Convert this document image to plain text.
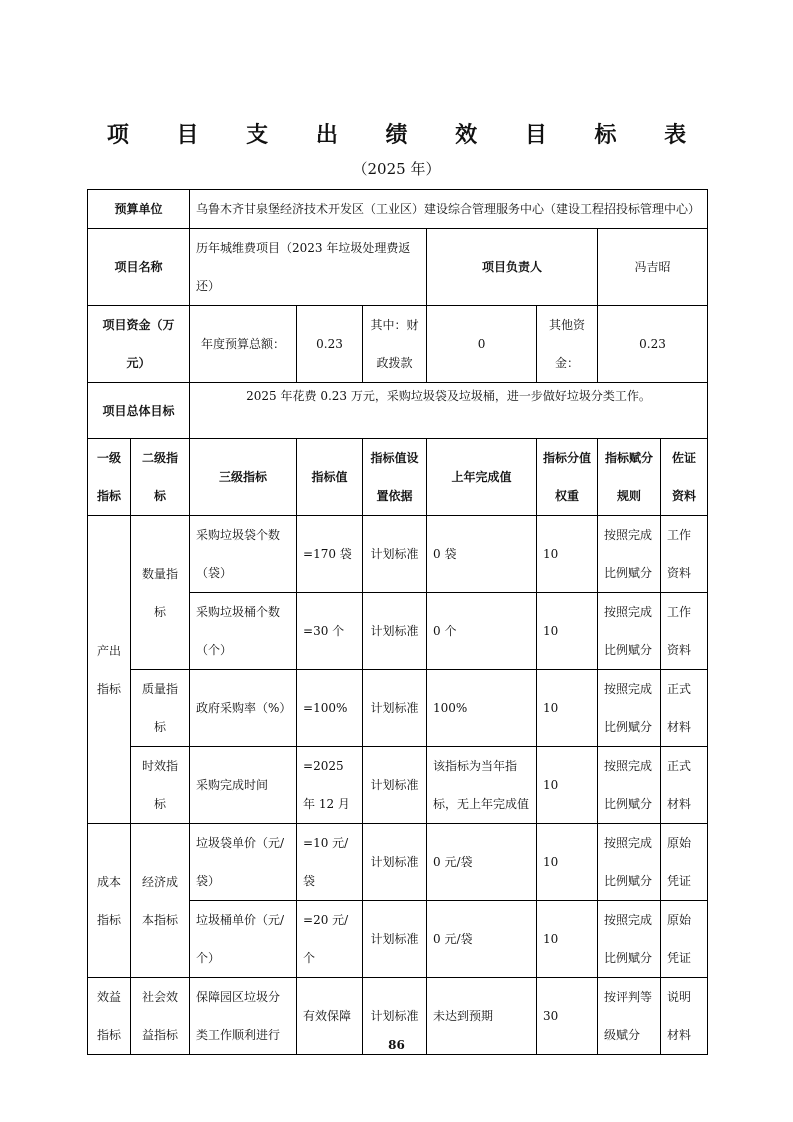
项 目 支 出 绩 效 目 标 表
（2025 年）
预算单位		乌鲁木齐甘泉堡经济技术开发区（工业区）建设综合管理服务中心（建设工程招投标管理中心）						
项目名称		历年城维费项目（2023 年垃圾处理费返还）			项目负责人		冯吉昭	
项目资金（万元）		年度预算总额：	0.23	其中：财政拨款	0	其他资金：	0.23	
项目总体目标		2025 年花费 0.23 万元，采购垃圾袋及垃圾桶，进一步做好垃圾分类工作。						
一级指标	二级指标	三级指标	指标值	指标值设置依据	上年完成值	指标分值权重	指标赋分规则	佐证资料
产出指标	数量指标	采购垃圾袋个数（袋）	=170 袋	计划标准	0 袋	10	按照完成比例赋分	工作资料
		采购垃圾桶个数（个）	=30 个	计划标准	0 个	10	按照完成比例赋分	工作资料
	质量指标	政府采购率（%）	=100%	计划标准	100%	10	按照完成比例赋分	正式材料
	时效指标	采购完成时间	=2025 年 12 月	计划标准	该指标为当年指标，无上年完成值	10	按照完成比例赋分	正式材料
成本指标	经济成本指标	垃圾袋单价（元/袋）	=10 元/袋	计划标准	0 元/袋	10	按照完成比例赋分	原始凭证
		垃圾桶单价（元/个）	=20 元/个	计划标准	0 元/袋	10	按照完成比例赋分	原始凭证
效益指标	社会效益指标	保障园区垃圾分类工作顺利进行	有效保障	计划标准	未达到预期	30	按评判等级赋分	说明材料
86
